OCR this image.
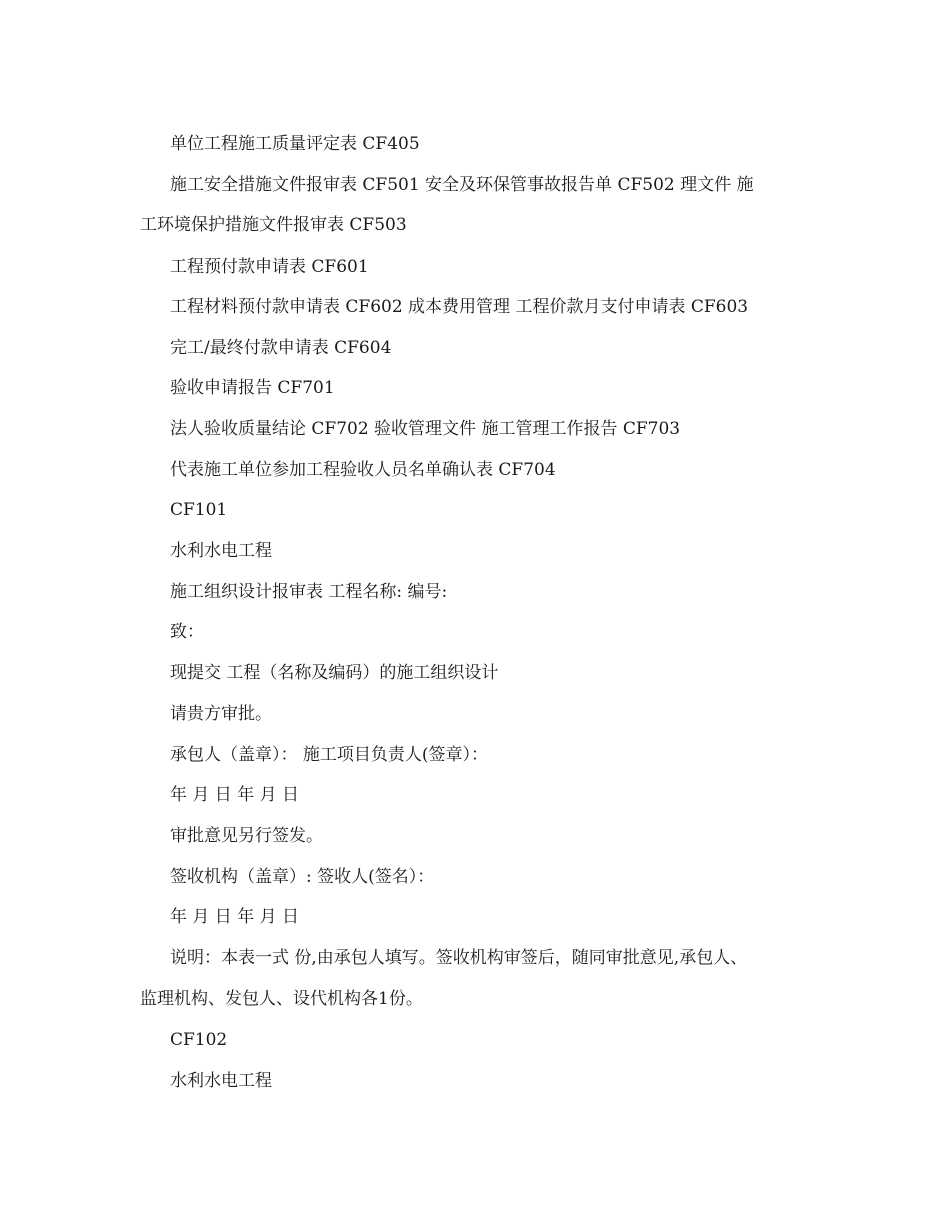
单位工程施工质量评定表 CF405
施工安全措施文件报审表 CF501 安全及环保管事故报告单 CF502 理文件 施
工环境保护措施文件报审表 CF503
工程预付款申请表 CF601
工程材料预付款申请表 CF602 成本费用管理 工程价款月支付申请表 CF603
完工/最终付款申请表 CF604
验收申请报告 CF701
法人验收质量结论 CF702 验收管理文件 施工管理工作报告 CF703
代表施工单位参加工程验收人员名单确认表 CF704
CF101
水利水电工程
施工组织设计报审表 工程名称: 编号:
致：
现提交 工程（名称及编码）的施工组织设计
请贵方审批。
承包人（盖章）： 施工项目负责人(签章）：
年 月 日 年 月 日
审批意见另行签发。
签收机构（盖章）: 签收人(签名）：
年 月 日 年 月 日
说明：本表一式 份,由承包人填写。签收机构审签后，随同审批意见,承包人、
监理机构、发包人、设代机构各1份。
CF102
水利水电工程
